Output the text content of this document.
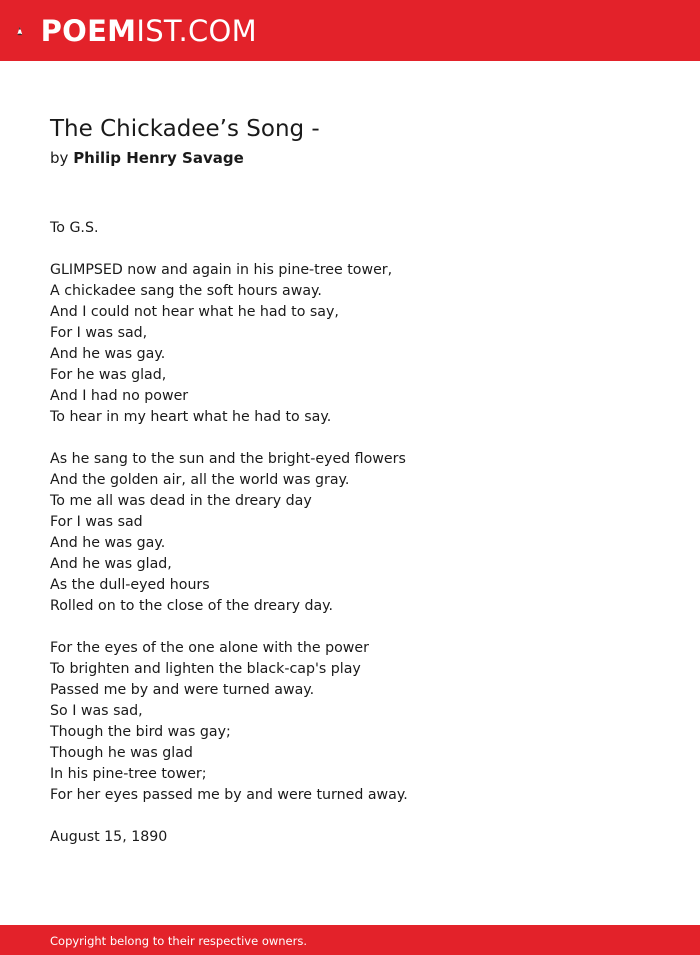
POEMIST.COM
The Chickadee’s Song -
by Philip Henry Savage
To G.S.
GLIMPSED now and again in his pine-tree tower,
A chickadee sang the soft hours away.
And I could not hear what he had to say,
For I was sad,
And he was gay.
For he was glad,
And I had no power
To hear in my heart what he had to say.
As he sang to the sun and the bright-eyed flowers
And the golden air, all the world was gray.
To me all was dead in the dreary day
For I was sad
And he was gay.
And he was glad,
As the dull-eyed hours
Rolled on to the close of the dreary day.
For the eyes of the one alone with the power
To brighten and lighten the black-cap's play
Passed me by and were turned away.
So I was sad,
Though the bird was gay;
Though he was glad
In his pine-tree tower;
For her eyes passed me by and were turned away.
August 15, 1890
Copyright belong to their respective owners.
